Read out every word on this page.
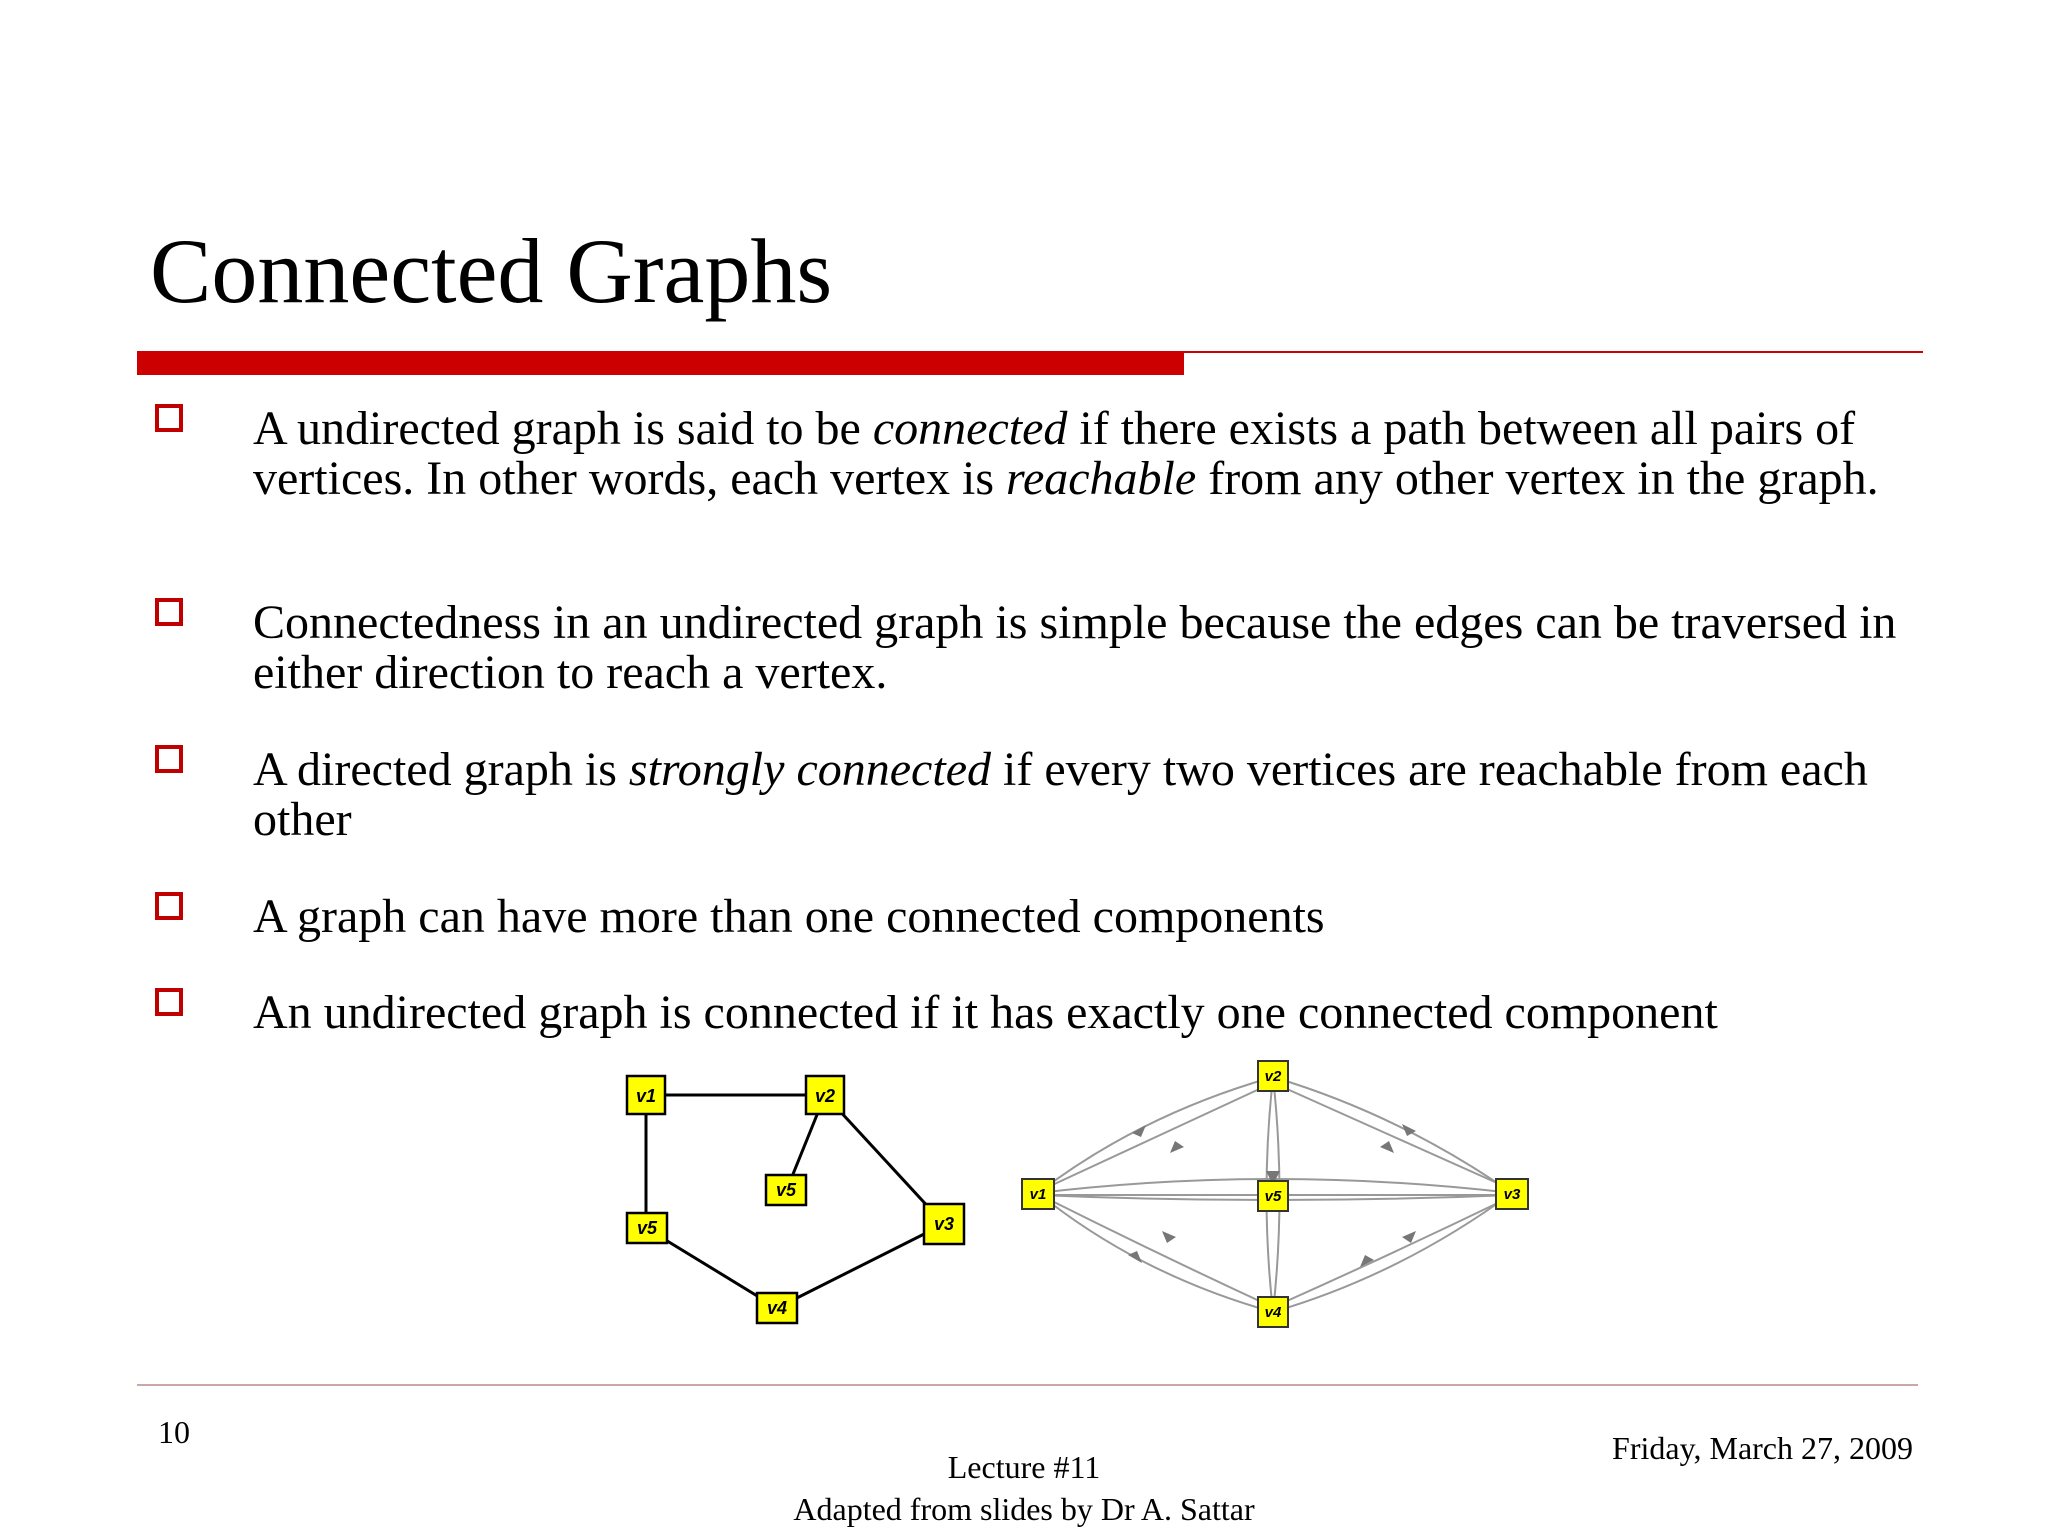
Connected Graphs
A undirected graph is said to be connected if there exists a path between all pairs of vertices. In other words, each vertex is reachable from any other vertex in the graph.
Connectedness in an undirected graph is simple because the edges can be traversed in either direction to reach a vertex.
A directed graph is strongly connected if every two vertices are reachable from each other
A graph can have more than one connected components
An undirected graph is connected if it has exactly one connected component
v1	v2
v5
v3
v5
v4
v2
v1	v5	v3
v4
10
Lecture #11
Adapted from slides by Dr A. Sattar
Friday, March 27, 2009
